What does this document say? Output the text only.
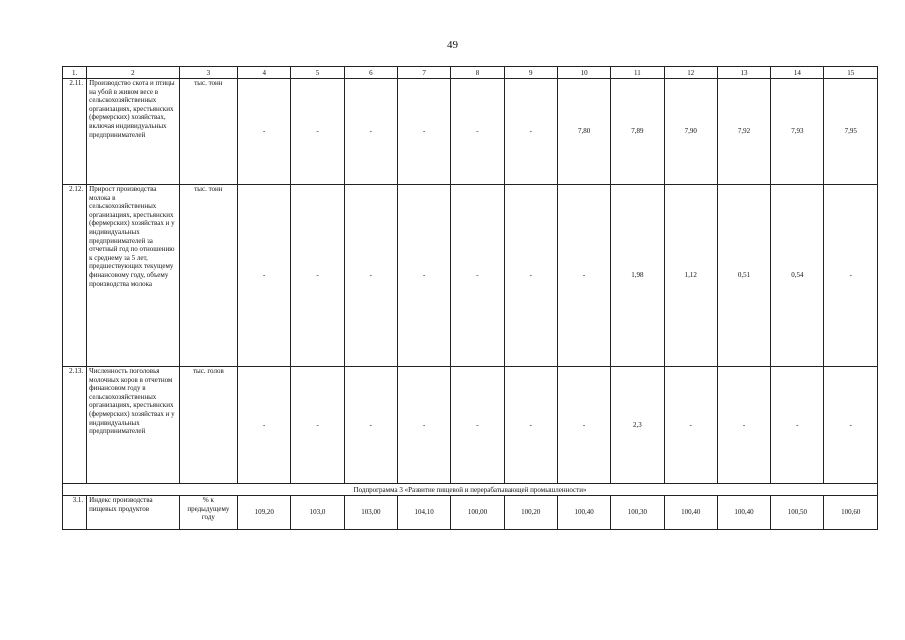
49
1.	2	3	4	5	6	7	8	9	10	11	12	13	14	15
2.11.	Производство скота и птицы на убой в живом весе в сельскохозяйственных организациях, крестьянских (фермерских) хозяйствах, включая индивидуальных предпринимателей	тыс. тонн	-	-	-	-	-	-	7,80	7,89	7,90	7,92	7,93	7,95
2.12.	Прирост производства молока в сельскохозяйственных организациях, крестьянских (фермерских) хозяйствах и у индивидуальных предпринимателей за отчетный год по отношению к среднему за 5 лет, предшествующих текущему финансовому году, объему производства молока	тыс. тонн	-	-	-	-	-	-	-	1,98	1,12	0,51	0,54	-
2.13.	Численность поголовья молочных коров в отчетном финансовом году в сельскохозяйственных организациях, крестьянских (фермерских) хозяйствах и у индивидуальных предпринимателей	тыс. голов	-	-	-	-	-	-	-	2,3	-	-	-	-
Подпрограмма 3 «Развитие пищевой и перерабатывающей промышленности»														
3.1.	Индекс производства пищевых продуктов	% к предыдущему году	109,20	103,0	103,00	104,10	100,00	100,20	100,40	100,30	100,40	100,40	100,50	100,60
